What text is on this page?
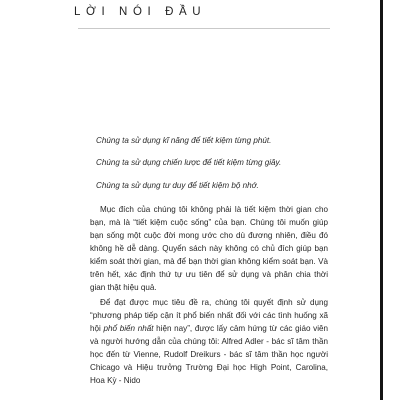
LỜI NÓI ĐẦU

Chúng ta sử dụng kĩ năng để tiết kiệm từng phút.

Chúng ta sử dụng chiến lược để tiết kiệm từng giây.

Chúng ta sử dụng tư duy để tiết kiệm bộ nhớ.

Mục đích của chúng tôi không phải là tiết kiệm thời gian cho bạn, mà là “tiết kiệm cuộc sống” của bạn. Chúng tôi muốn giúp bạn sống một cuộc đời mong ước cho dù đương nhiên, điều đó không hề dễ dàng. Quyển sách này không có chủ đích giúp bạn kiểm soát thời gian, mà để bạn thời gian không kiểm soát bạn. Và trên hết, xác định thứ tự ưu tiên để sử dụng và phân chia thời gian thật hiệu quả.

Để đạt được mục tiêu đề ra, chúng tôi quyết định sử dụng “phương pháp tiếp cận ít phổ biến nhất đối với các tình huống xã hội phổ biến nhất hiện nay”, được lấy cảm hứng từ các giáo viên và người hướng dẫn của chúng tôi: Alfred Adler - bác sĩ tâm thần học đến từ Vienne, Rudolf Dreikurs - bác sĩ tâm thần học người Chicago và Hiệu trưởng Trường Đại học High Point, Carolina, Hoa Kỳ - Nido
